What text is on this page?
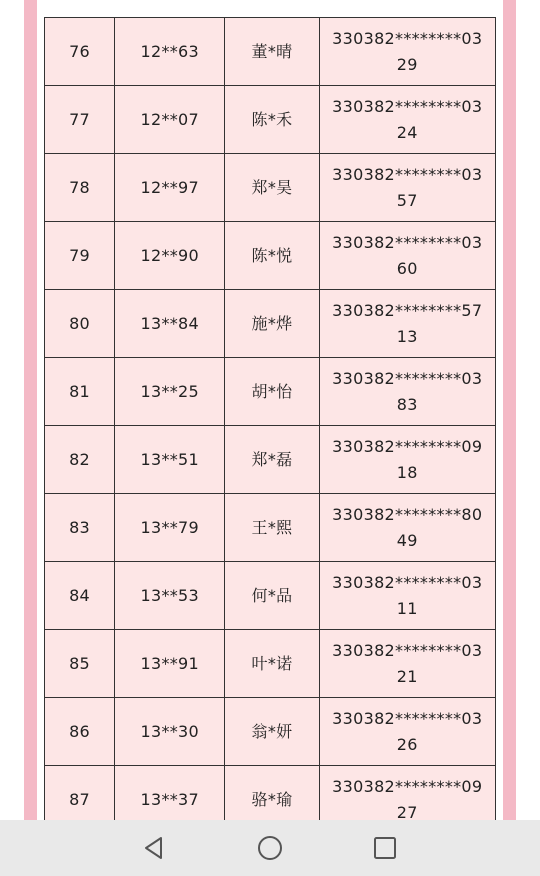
76	12**63	董*晴	330382********03
29
77	12**07	陈*禾	330382********03
24
78	12**97	郑*昊	330382********03
57
79	12**90	陈*悦	330382********03
60
80	13**84	施*烨	330382********57
13
81	13**25	胡*怡	330382********03
83
82	13**51	郑*磊	330382********09
18
83	13**79	王*熙	330382********80
49
84	13**53	何*品	330382********03
11
85	13**91	叶*诺	330382********03
21
86	13**30	翁*妍	330382********03
26
87	13**37	骆*瑜	330382********09
27
